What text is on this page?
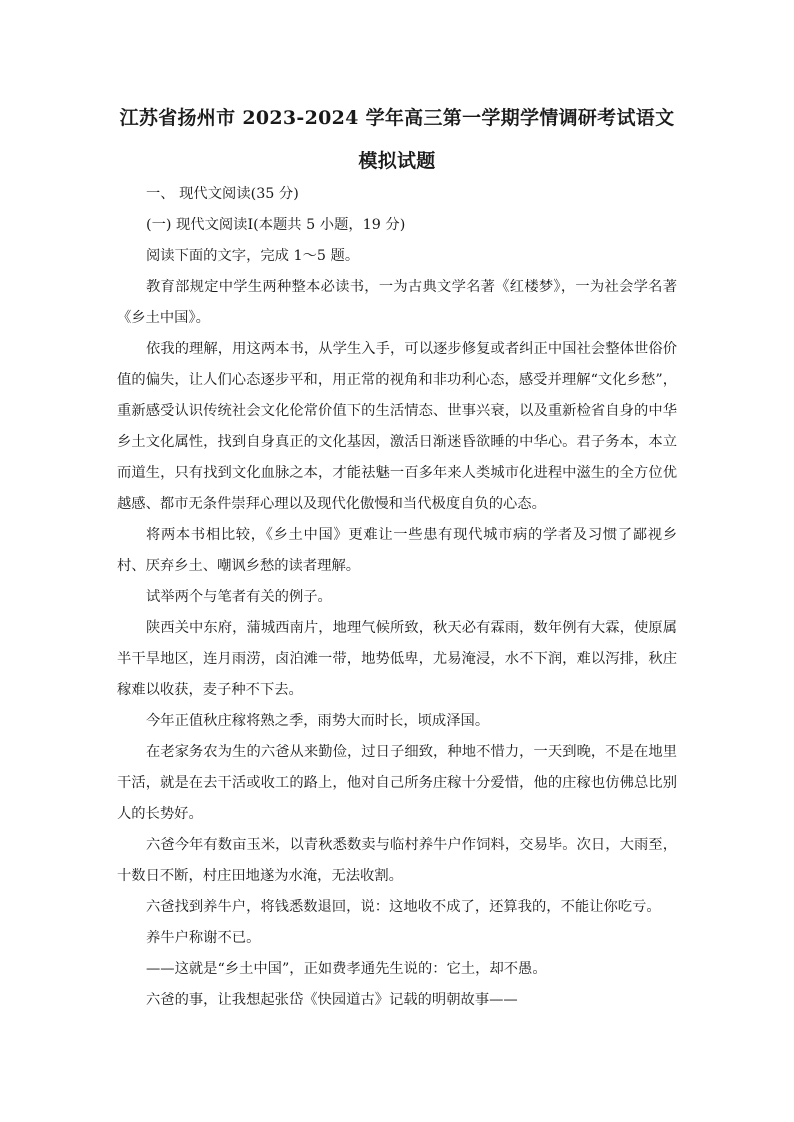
江苏省扬州市 2023-2024 学年高三第一学期学情调研考试语文
模拟试题

一、 现代文阅读(35 分)

(一) 现代文阅读I(本题共 5 小题，19 分)

阅读下面的文字，完成 1～5 题。

教育部规定中学生两种整本必读书，一为古典文学名著《红楼梦》，一为社会学名著《乡土中国》。

依我的理解，用这两本书，从学生入手，可以逐步修复或者纠正中国社会整体世俗价值的偏失，让人们心态逐步平和，用正常的视角和非功利心态，感受并理解“文化乡愁”，重新感受认识传统社会文化伦常价值下的生活情态、世事兴衰，以及重新检省自身的中华乡土文化属性，找到自身真正的文化基因，激活日渐迷昏欲睡的中华心。君子务本，本立而道生，只有找到文化血脉之本，才能祛魅一百多年来人类城市化进程中滋生的全方位优越感、都市无条件崇拜心理以及现代化傲慢和当代极度自负的心态。

将两本书相比较，《乡土中国》更难让一些患有现代城市病的学者及习惯了鄙视乡村、厌弃乡土、嘲讽乡愁的读者理解。

试举两个与笔者有关的例子。

陕西关中东府，蒲城西南片，地理气候所致，秋天必有霖雨，数年例有大霖，使原属半干旱地区，连月雨涝，卤泊滩一带，地势低卑，尤易淹浸，水不下润，难以泻排，秋庄稼难以收获，麦子种不下去。

今年正值秋庄稼将熟之季，雨势大而时长，顷成泽国。

在老家务农为生的六爸从来勤俭，过日子细致，种地不惜力，一天到晚，不是在地里干活，就是在去干活或收工的路上，他对自己所务庄稼十分爱惜，他的庄稼也仿佛总比别人的长势好。

六爸今年有数亩玉米，以青秋悉数卖与临村养牛户作饲料，交易毕。次日，大雨至，十数日不断，村庄田地遂为水淹，无法收割。

六爸找到养牛户，将钱悉数退回，说：这地收不成了，还算我的，不能让你吃亏。

养牛户称谢不已。

——这就是“乡土中国”，正如费孝通先生说的：它土，却不愚。

六爸的事，让我想起张岱《快园道古》记载的明朝故事——
